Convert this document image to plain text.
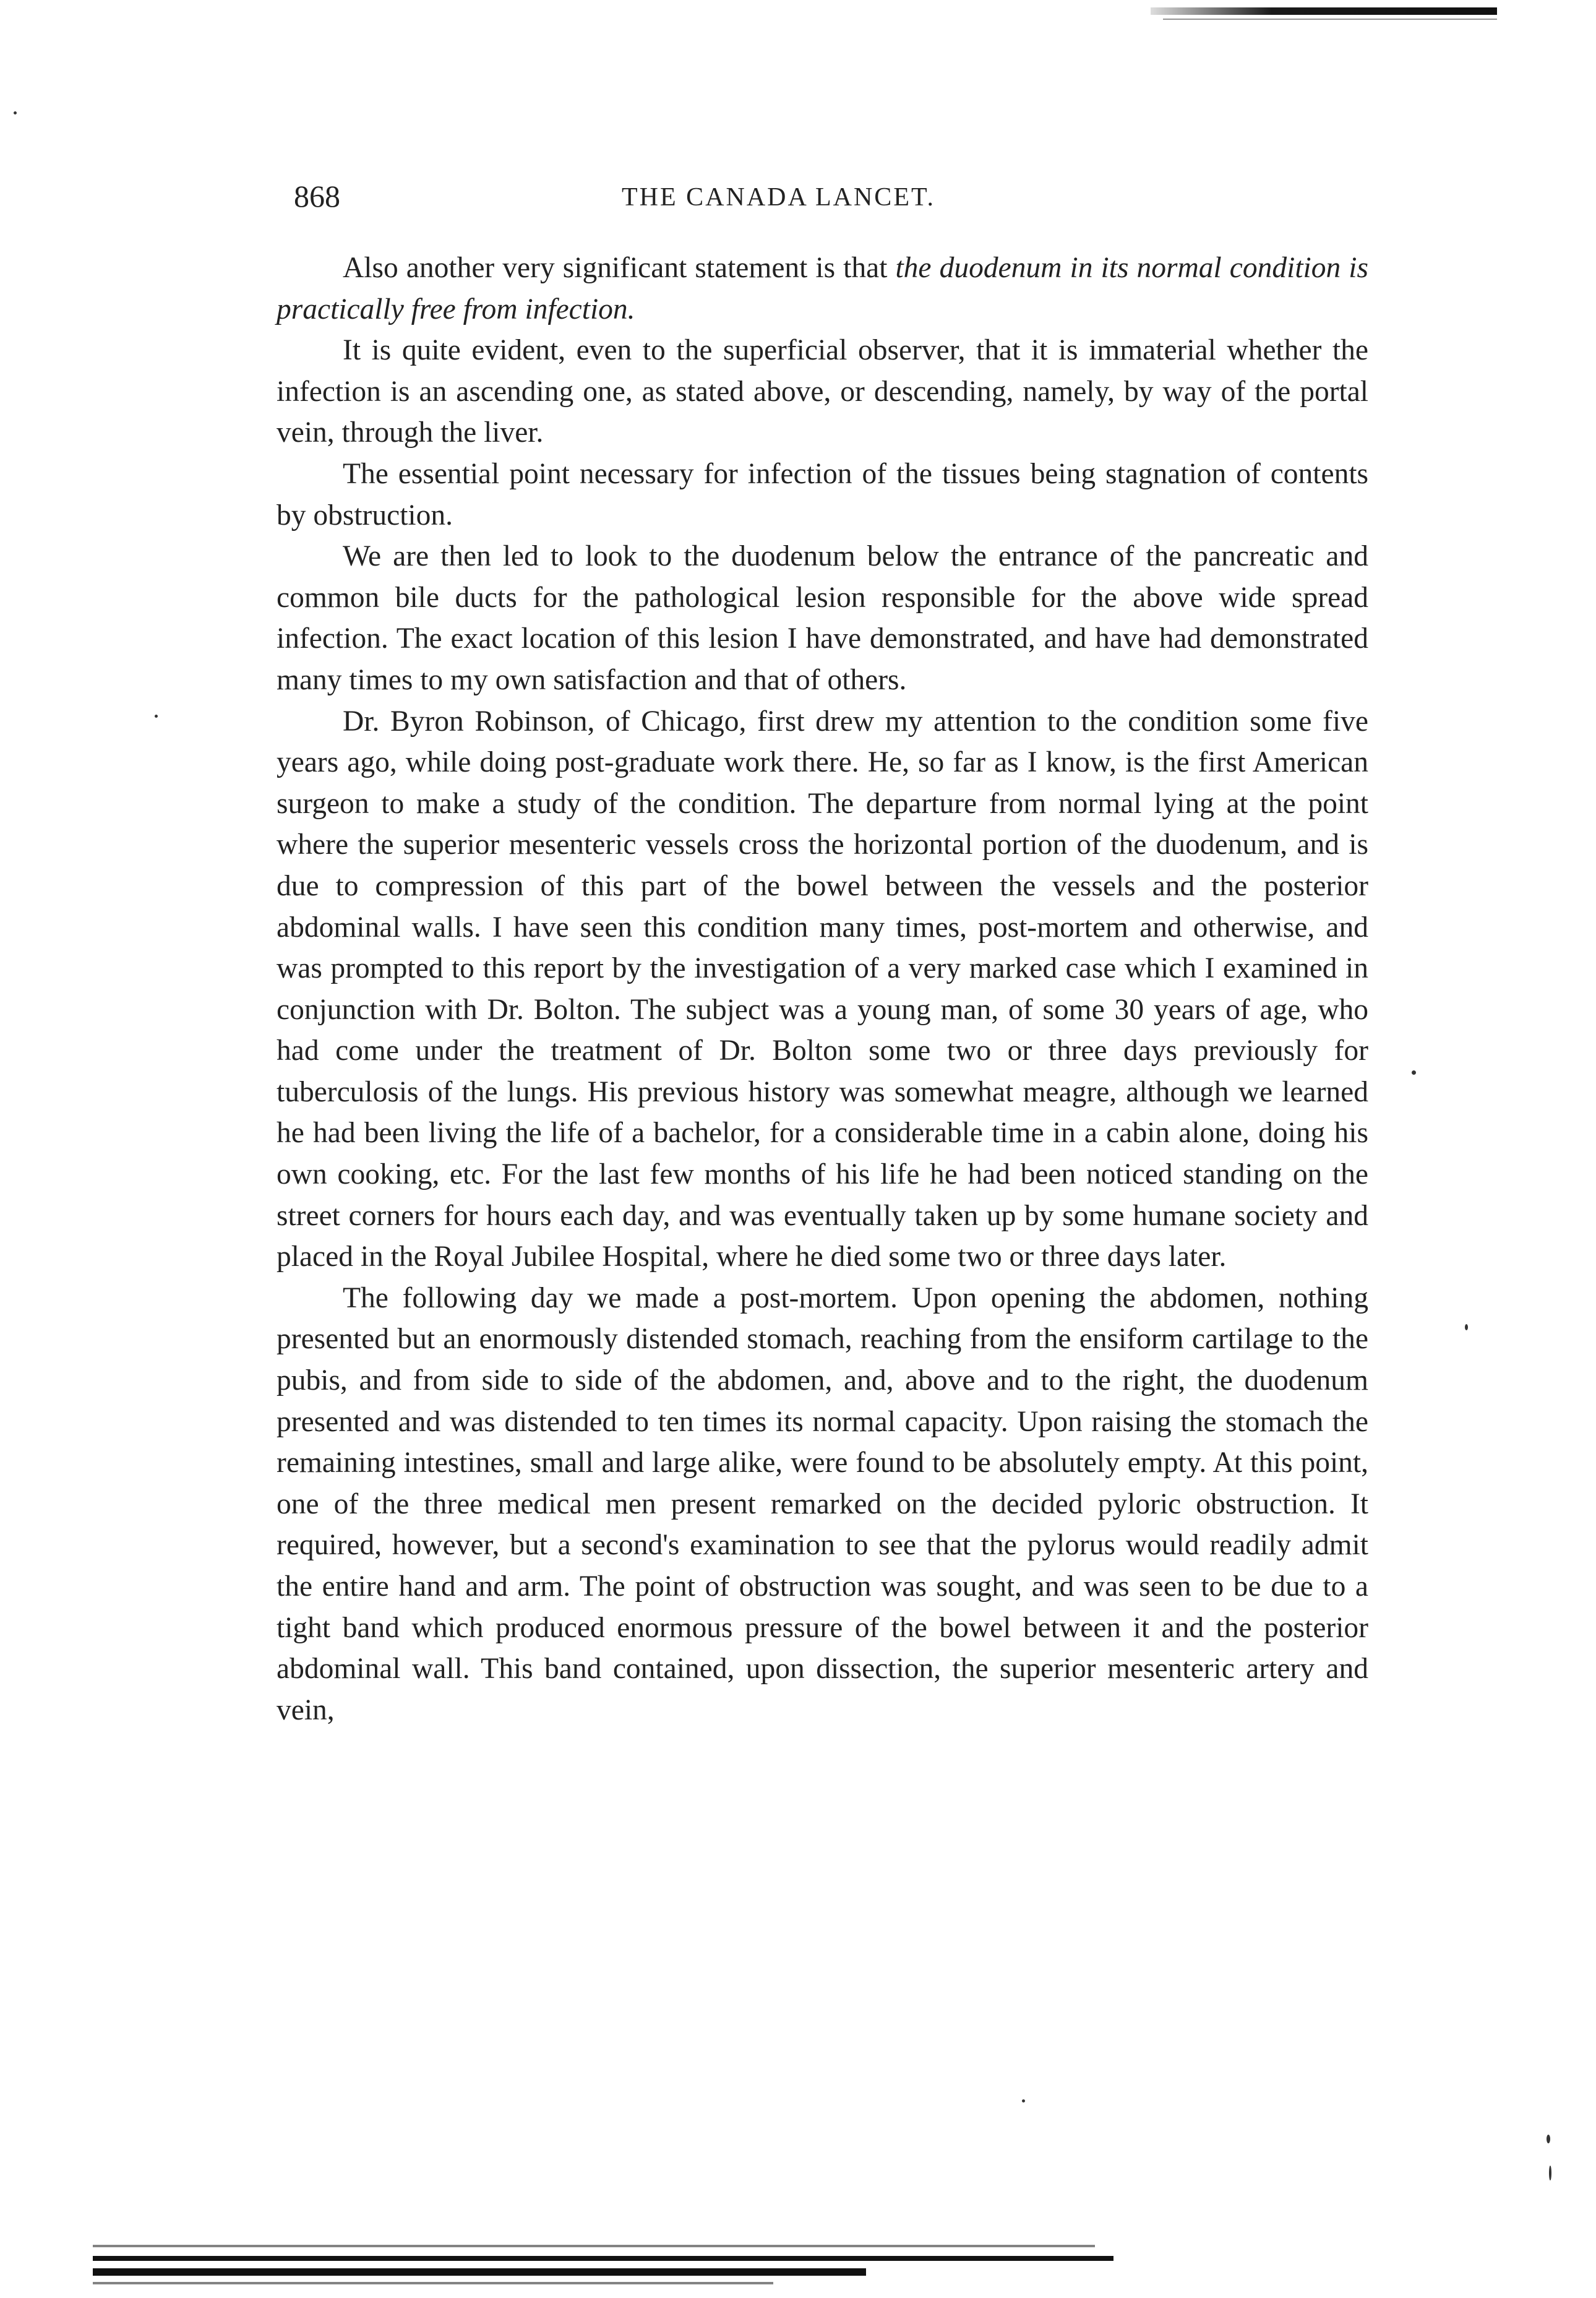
868	THE CANADA LANCET.

Also another very significant statement is that the duodenum in its normal condition is practically free from infection.

It is quite evident, even to the superficial observer, that it is immaterial whether the infection is an ascending one, as stated above, or descending, namely, by way of the portal vein, through the liver.

The essential point necessary for infection of the tissues being stagnation of contents by obstruction.

We are then led to look to the duodenum below the entrance of the pancreatic and common bile ducts for the pathological lesion responsible for the above wide spread infection. The exact location of this lesion I have demonstrated, and have had demonstrated many times to my own satisfaction and that of others.

Dr. Byron Robinson, of Chicago, first drew my attention to the condition some five years ago, while doing post-graduate work there. He, so far as I know, is the first American surgeon to make a study of the condition. The departure from normal lying at the point where the superior mesenteric vessels cross the horizontal portion of the duodenum, and is due to compression of this part of the bowel between the vessels and the posterior abdominal walls. I have seen this condition many times, post-mortem and otherwise, and was prompted to this report by the investigation of a very marked case which I examined in conjunction with Dr. Bolton. The subject was a young man, of some 30 years of age, who had come under the treatment of Dr. Bolton some two or three days previously for tuberculosis of the lungs. His previous history was somewhat meagre, although we learned he had been living the life of a bachelor, for a considerable time in a cabin alone, doing his own cooking, etc. For the last few months of his life he had been noticed standing on the street corners for hours each day, and was eventually taken up by some humane society and placed in the Royal Jubilee Hospital, where he died some two or three days later.

The following day we made a post-mortem. Upon opening the abdomen, nothing presented but an enormously distended stomach, reaching from the ensiform cartilage to the pubis, and from side to side of the abdomen, and, above and to the right, the duodenum presented and was distended to ten times its normal capacity. Upon raising the stomach the remaining intestines, small and large alike, were found to be absolutely empty. At this point, one of the three medical men present remarked on the decided pyloric obstruction. It required, however, but a second's examination to see that the pylorus would readily admit the entire hand and arm. The point of obstruction was sought, and was seen to be due to a tight band which produced enormous pressure of the bowel between it and the posterior abdominal wall. This band contained, upon dissection, the superior mesenteric artery and vein,
